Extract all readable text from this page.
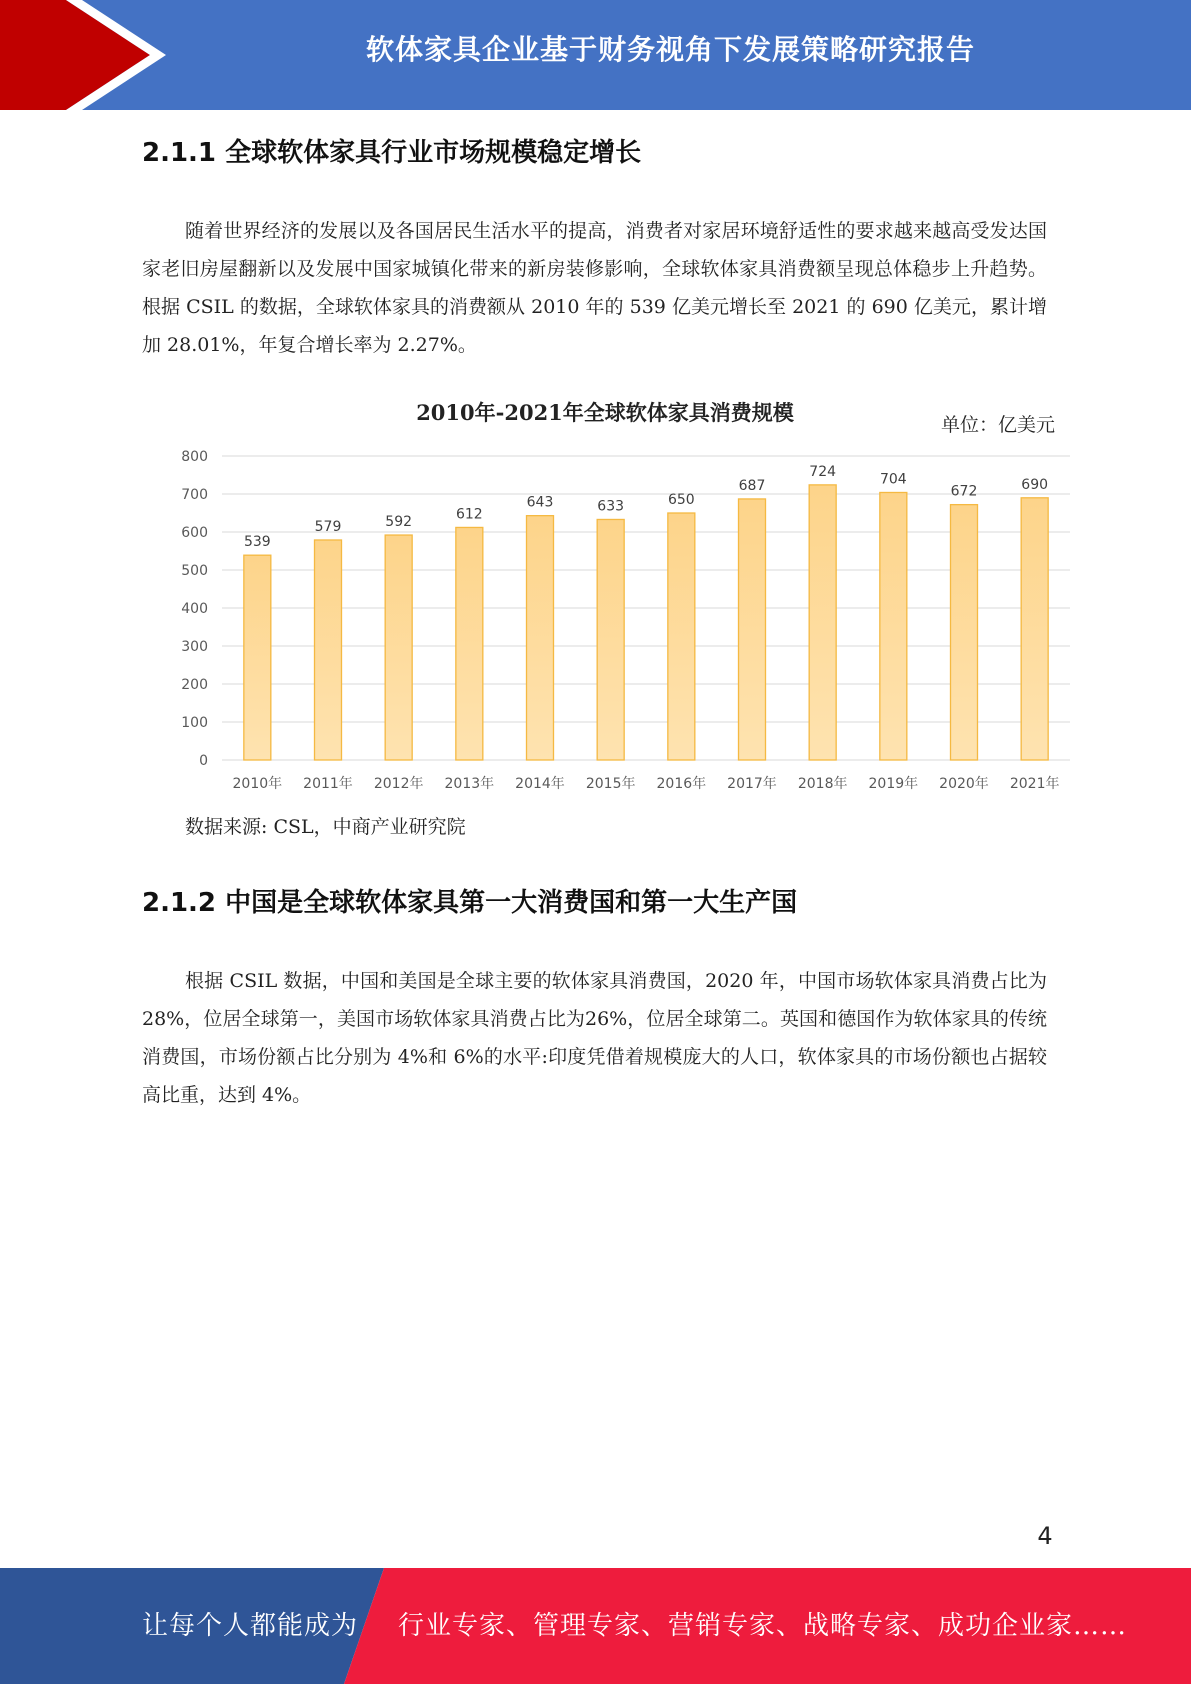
软体家具企业基于财务视角下发展策略研究报告
2.1.1 全球软体家具行业市场规模稳定增长

随着世界经济的发展以及各国居民生活水平的提高，消费者对家居环境舒适性的要求越来越高受发达国家老旧房屋翻新以及发展中国家城镇化带来的新房装修影响，全球软体家具消费额呈现总体稳步上升趋势。根据 CSIL 的数据，全球软体家具的消费额从 2010 年的 539 亿美元增长至 2021 的 690 亿美元，累计增加 28.01%，年复合增长率为 2.27%。

2010年-2021年全球软体家具消费规模	单位：亿美元
539
579	592	612
643	633	650
687
724	704
672	690
0
100
200
300
400
500
600
700
800
2010年 2011年 2012年 2013年 2014年 2015年 2016年 2017年 2018年 2019年 2020年 2021年
数据来源: CSL，中商产业研究院
2.1.2 中国是全球软体家具第一大消费国和第一大生产国

根据 CSIL 数据，中国和美国是全球主要的软体家具消费国，2020 年，中国市场软体家具消费占比为 28%，位居全球第一，美国市场软体家具消费占比为26%，位居全球第二。英国和德国作为软体家具的传统消费国，市场份额占比分别为 4%和 6%的水平:印度凭借着规模庞大的人口，软体家具的市场份额也占据较高比重，达到 4%。

4
让每个人都能成为 行业专家、管理专家、营销专家、战略专家、成功企业家……
